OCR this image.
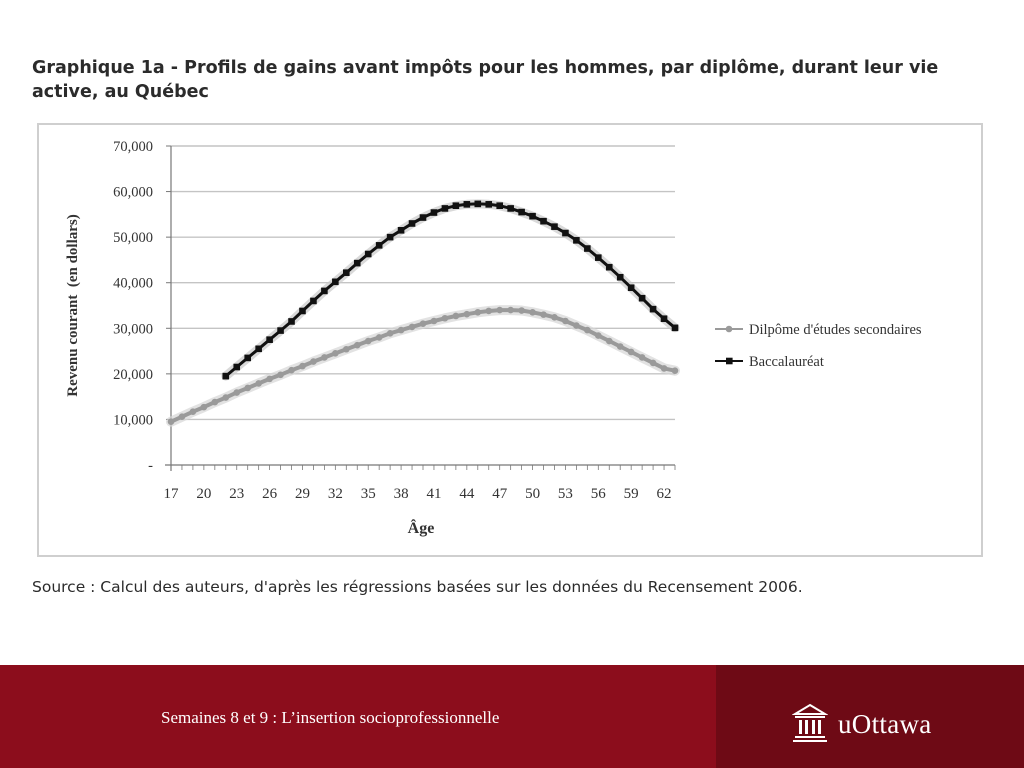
Graphique 1a - Profils de gains avant impôts pour les hommes, par diplôme, durant leur vie active, au Québec
-
10,000
20,000
30,000
40,000
50,000
60,000
70,000
17 20 23 26 29 32 35 38 41 44 47 50 53 56 59 62
Âge
Revenu courant  (en dollars)	Dilpôme d'études secondaires
Baccalauréat
Source : Calcul des auteurs, d'après les régressions basées sur les données du Recensement 2006.
Semaines 8 et 9 : L’insertion socioprofessionnelle	uOttawa
